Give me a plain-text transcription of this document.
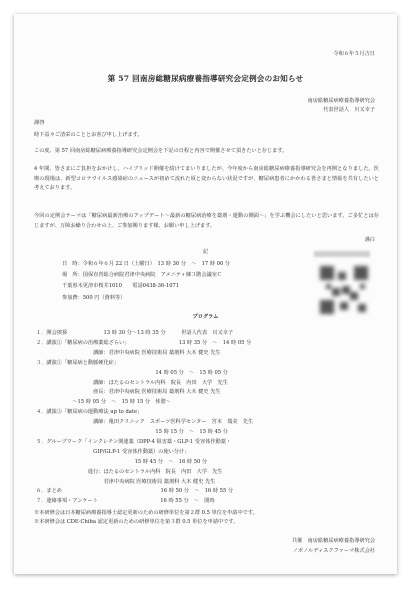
令和６年５月吉日
第 57 回南房総糖尿病療養指導研究会定例会のお知らせ
南房総糖尿病療養指導研究会
代表世話人　川又幸子
謹啓
時下益々ご清栄のこととお喜び申し上げます。
この度、第 57 回南房総糖尿病療養指導研究会定例会を下記の日程と内容で開催させて頂きたいと存じます。
4 年間、皆さまにご負担をおかけし、ハイブリッド開催を続けてまいりましたが、今年度から南房総糖尿病療養指導研究会を再開となりました。医療の現場は、新型コロナウイルス感染症のニュースが初めて流れた頃と変わらない状況ですが、糖尿病患者にかかわる皆さまと情報を共有したいと考えております。
今回の定例会テーマは「糖尿病最新治療のアップデート～最新の糖尿病治療を薬剤・運動の側面～」を学ぶ機会にしたいと思います。ご多忙とは存じますが、万障お繰り合わせの上、ご参加賜ります様、お願い申し上げます。
謹白
記
日　時：令和６年６月 22 日（土曜日）　13 時 30 分　～　17 時 00 分
場　所：国保直営総合病院君津中央病院　アメニティ棟３階会議室Ｃ
千葉県木更津市桜井1010　　電話0438-36-1071
参加費：500 円（資料等）
プログラム
１．開会挨拶　　　　　　　13 時 30 分～13 時 35 分　　　世話人代表　川又幸子
２．講演①「糖尿病の治療薬総ざらい」　　　　　　　　　　13 時 35 分　～　14 時 05 分
　　　　　　　　　　　講師：君津中央病院 医療技術局 薬剤科 大木 健史 先生
３．講演②「糖尿病と動脈硬化症」
　　　　　　　　　　　　　　　　　　　　　　　14 時 05 分　～　15 時 05 分
　　　　　　　　　　　講師：ほたるのセントラル内科　院長　内田　大学　先生
　　　　　　　　　　　座長：君津中央病院 医療技術局 薬剤科 大木 健史 先生
　　　　　　　～15 時 05 分　～　15 時 15 分　休憩～
４．講演③「糖尿病の運動療法 up to date」
　　　　　　　　　　　講師：亀田クリニック　スポーツ医科学センター　宮本　瑞美　先生
　　　　　　　　　　　　　　　　　　　　　　　15 時 15 分　～　15 時 45 分
５．グループワーク「インクレチン関連薬（DPP-4 阻害薬・GLP-1 受容体作動薬・
　　　　　　　　　　　GIP/GLP-1 受容体作動薬）の使い分け」
　　　　　　　　　　　　　　　　　　　15 時 45 分　～　16 時 50 分
　　　　　　　　　　進行：ほたるのセントラル内科　院長　内田　大学　先生
　　　　　　　　　　　　　君津中央病院 医療技術局 薬剤科 大木 健史 先生
６．まとめ　　　　　　　　　　　　　　　　　　　16 時 50 分　～　16 時 55 分
７．連絡事項・アンケート　　　　　　　　　　　　16 時 55 分　～　閉時
※本研修会は日本糖尿病療養指導士認定更新のための研修単位を第２群 0.5 単位を申請中です。
※本研修会は CDE-Chiba 認定更新のための研修単位を第３群 0.5 単位を申請中です。
共催　南房総糖尿病療養指導研究会
ノボノルディスクファーマ株式会社
